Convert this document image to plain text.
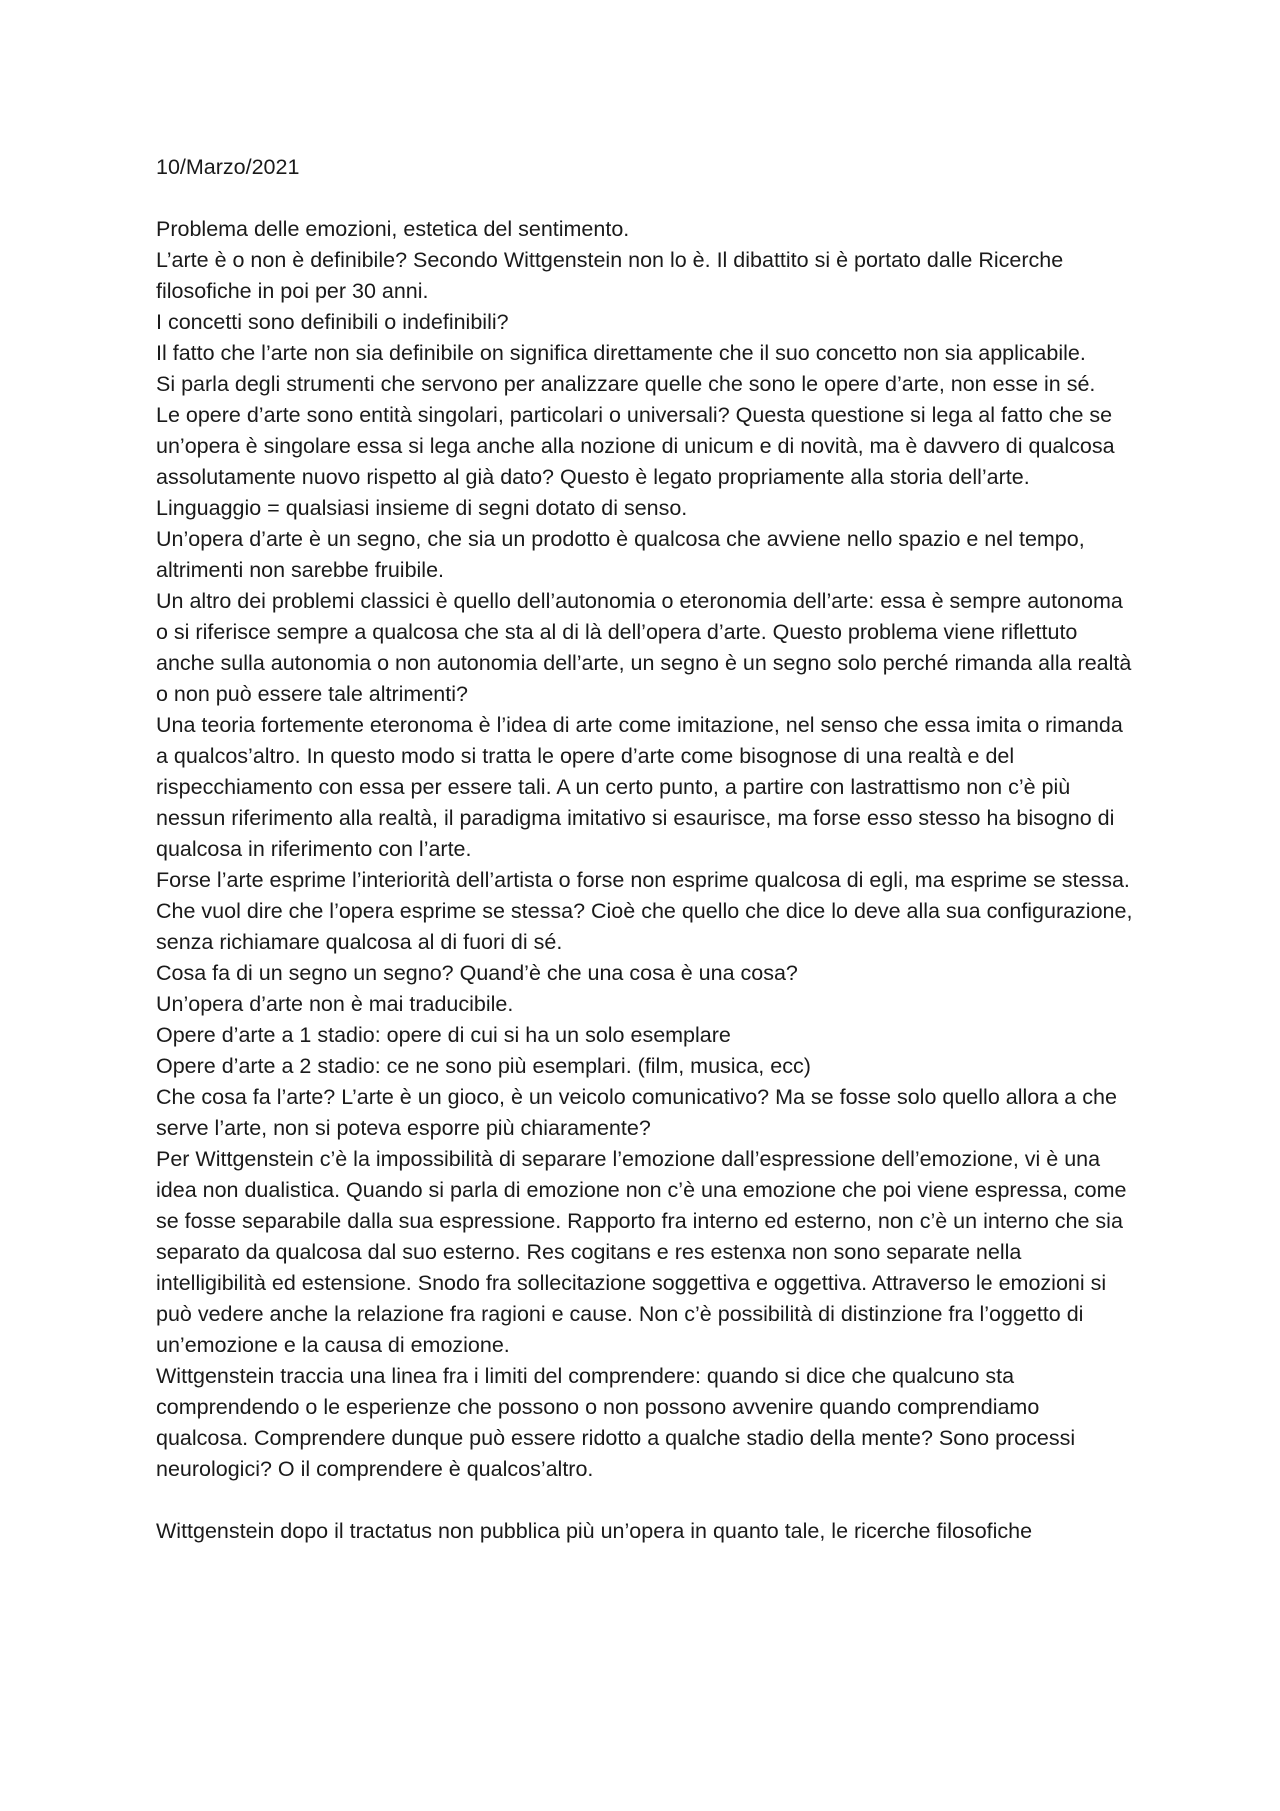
10/Marzo/2021

Problema delle emozioni, estetica del sentimento.

L’arte è o non è definibile? Secondo Wittgenstein non lo è. Il dibattito si è portato dalle Ricerche filosofiche in poi per 30 anni.

I concetti sono definibili o indefinibili?

Il fatto che l’arte non sia definibile on significa direttamente che il suo concetto non sia applicabile.

Si parla degli strumenti che servono per analizzare quelle che sono le opere d’arte, non esse in sé.

Le opere d’arte sono entità singolari, particolari o universali? Questa questione si lega al fatto che se un’opera è singolare essa si lega anche alla nozione di unicum e di novità, ma è davvero di qualcosa assolutamente nuovo rispetto al già dato? Questo è legato propriamente alla storia dell’arte.

Linguaggio = qualsiasi insieme di segni dotato di senso.

Un’opera d’arte è un segno, che sia un prodotto è qualcosa che avviene nello spazio e nel tempo, altrimenti non sarebbe fruibile.

Un altro dei problemi classici è quello dell’autonomia o eteronomia dell’arte: essa è sempre autonoma o si riferisce sempre a qualcosa che sta al di là dell’opera d’arte. Questo problema viene riflettuto anche sulla autonomia o non autonomia dell’arte, un segno è un segno solo perché rimanda alla realtà o non può essere tale altrimenti?

Una teoria fortemente eteronoma è l’idea di arte come imitazione, nel senso che essa imita o rimanda a qualcos’altro. In questo modo si tratta le opere d’arte come bisognose di una realtà e del rispecchiamento con essa per essere tali. A un certo punto, a partire con lastrattismo non c’è più nessun riferimento alla realtà, il paradigma imitativo si esaurisce, ma forse esso stesso ha bisogno di qualcosa in riferimento con l’arte.

Forse l’arte esprime l’interiorità dell’artista o forse non esprime qualcosa di egli, ma esprime se stessa. Che vuol dire che l’opera esprime se stessa? Cioè che quello che dice lo deve alla sua configurazione, senza richiamare qualcosa al di fuori di sé.

Cosa fa di un segno un segno? Quand’è che una cosa è una cosa?

Un’opera d’arte non è mai traducibile.

Opere d’arte a 1 stadio: opere di cui si ha un solo esemplare

Opere d’arte a 2 stadio: ce ne sono più esemplari. (film, musica, ecc)

Che cosa fa l’arte? L’arte è un gioco, è un veicolo comunicativo? Ma se fosse solo quello allora a che serve l’arte, non si poteva esporre più chiaramente?

Per Wittgenstein c’è la impossibilità di separare l’emozione dall’espressione dell’emozione, vi è una idea non dualistica. Quando si parla di emozione non c’è una emozione che poi viene espressa, come se fosse separabile dalla sua espressione. Rapporto fra interno ed esterno, non c’è un interno che sia separato da qualcosa dal suo esterno. Res cogitans e res estenxa non sono separate nella intelligibilità ed estensione. Snodo fra sollecitazione soggettiva e oggettiva. Attraverso le emozioni si può vedere anche la relazione fra ragioni e cause. Non c’è possibilità di distinzione fra l’oggetto di un’emozione e la causa di emozione.

Wittgenstein traccia una linea fra i limiti del comprendere: quando si dice che qualcuno sta comprendendo o le esperienze che possono o non possono avvenire quando comprendiamo qualcosa. Comprendere dunque può essere ridotto a qualche stadio della mente? Sono processi neurologici? O il comprendere è qualcos’altro.

Wittgenstein dopo il tractatus non pubblica più un’opera in quanto tale, le ricerche filosofiche
